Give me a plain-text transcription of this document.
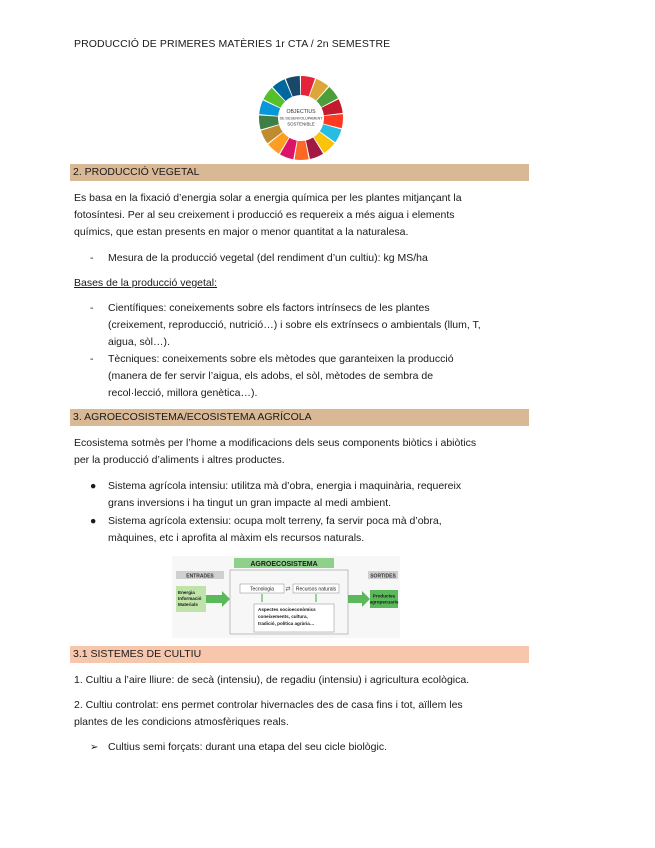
PRODUCCIÓ DE PRIMERES MATÈRIES 1r CTA / 2n SEMESTRE
OBJECTIUS
DE DESENVOLUPAMENT
SOSTENIBLE
2. PRODUCCIÓ VEGETAL
Es basa en la fixació d’energia solar a energia química per les plantes mitjançant la
fotosíntesi. Per al seu creixement i producció es requereix a més aigua i elements
químics, que estan presents en major o menor quantitat a la naturalesa.
-	Mesura de la producció vegetal (del rendiment d’un cultiu): kg MS/ha
Bases de la producció vegetal:
-	Científiques: coneixements sobre els factors intrínsecs de les plantes
(creixement, reproducció, nutrició…) i sobre els extrínsecs o ambientals (llum, T,
aigua, sòl…).
-	Tècniques: coneixements sobre els mètodes que garanteixen la producció
(manera de fer servir l’aigua, els adobs, el sòl, mètodes de sembra de
recol·lecció, millora genètica…).
3. AGROECOSISTEMA/ECOSISTEMA AGRÍCOLA
Ecosistema sotmès per l’home a modificacions dels seus components biòtics i abiòtics
per la producció d’aliments i altres productes.
●	Sistema agrícola intensiu: utilitza mà d’obra, energia i maquinària, requereix
grans inversions i ha tingut un gran impacte al medi ambient.
●	Sistema agrícola extensiu: ocupa molt terreny, fa servir poca mà d’obra,
màquines, etc i aprofita al màxim els recursos naturals.
AGROECOSISTEMA
ENTRADES	SORTIDES
Energia
Informació
Materials
Tecnologia ⇄ Recursos naturals
Aspectes socioeconòmics
coneixements, cultura,
tradició, política agrària…
Productes
agropecuaris
3.1 SISTEMES DE CULTIU
1. Cultiu a l’aire lliure: de secà (intensiu), de regadiu (intensiu) i agricultura ecològica.
2. Cultiu controlat: ens permet controlar hivernacles des de casa fins i tot, aïllem les
plantes de les condicions atmosfèriques reals.
➢ Cultius semi forçats: durant una etapa del seu cicle biològic.
